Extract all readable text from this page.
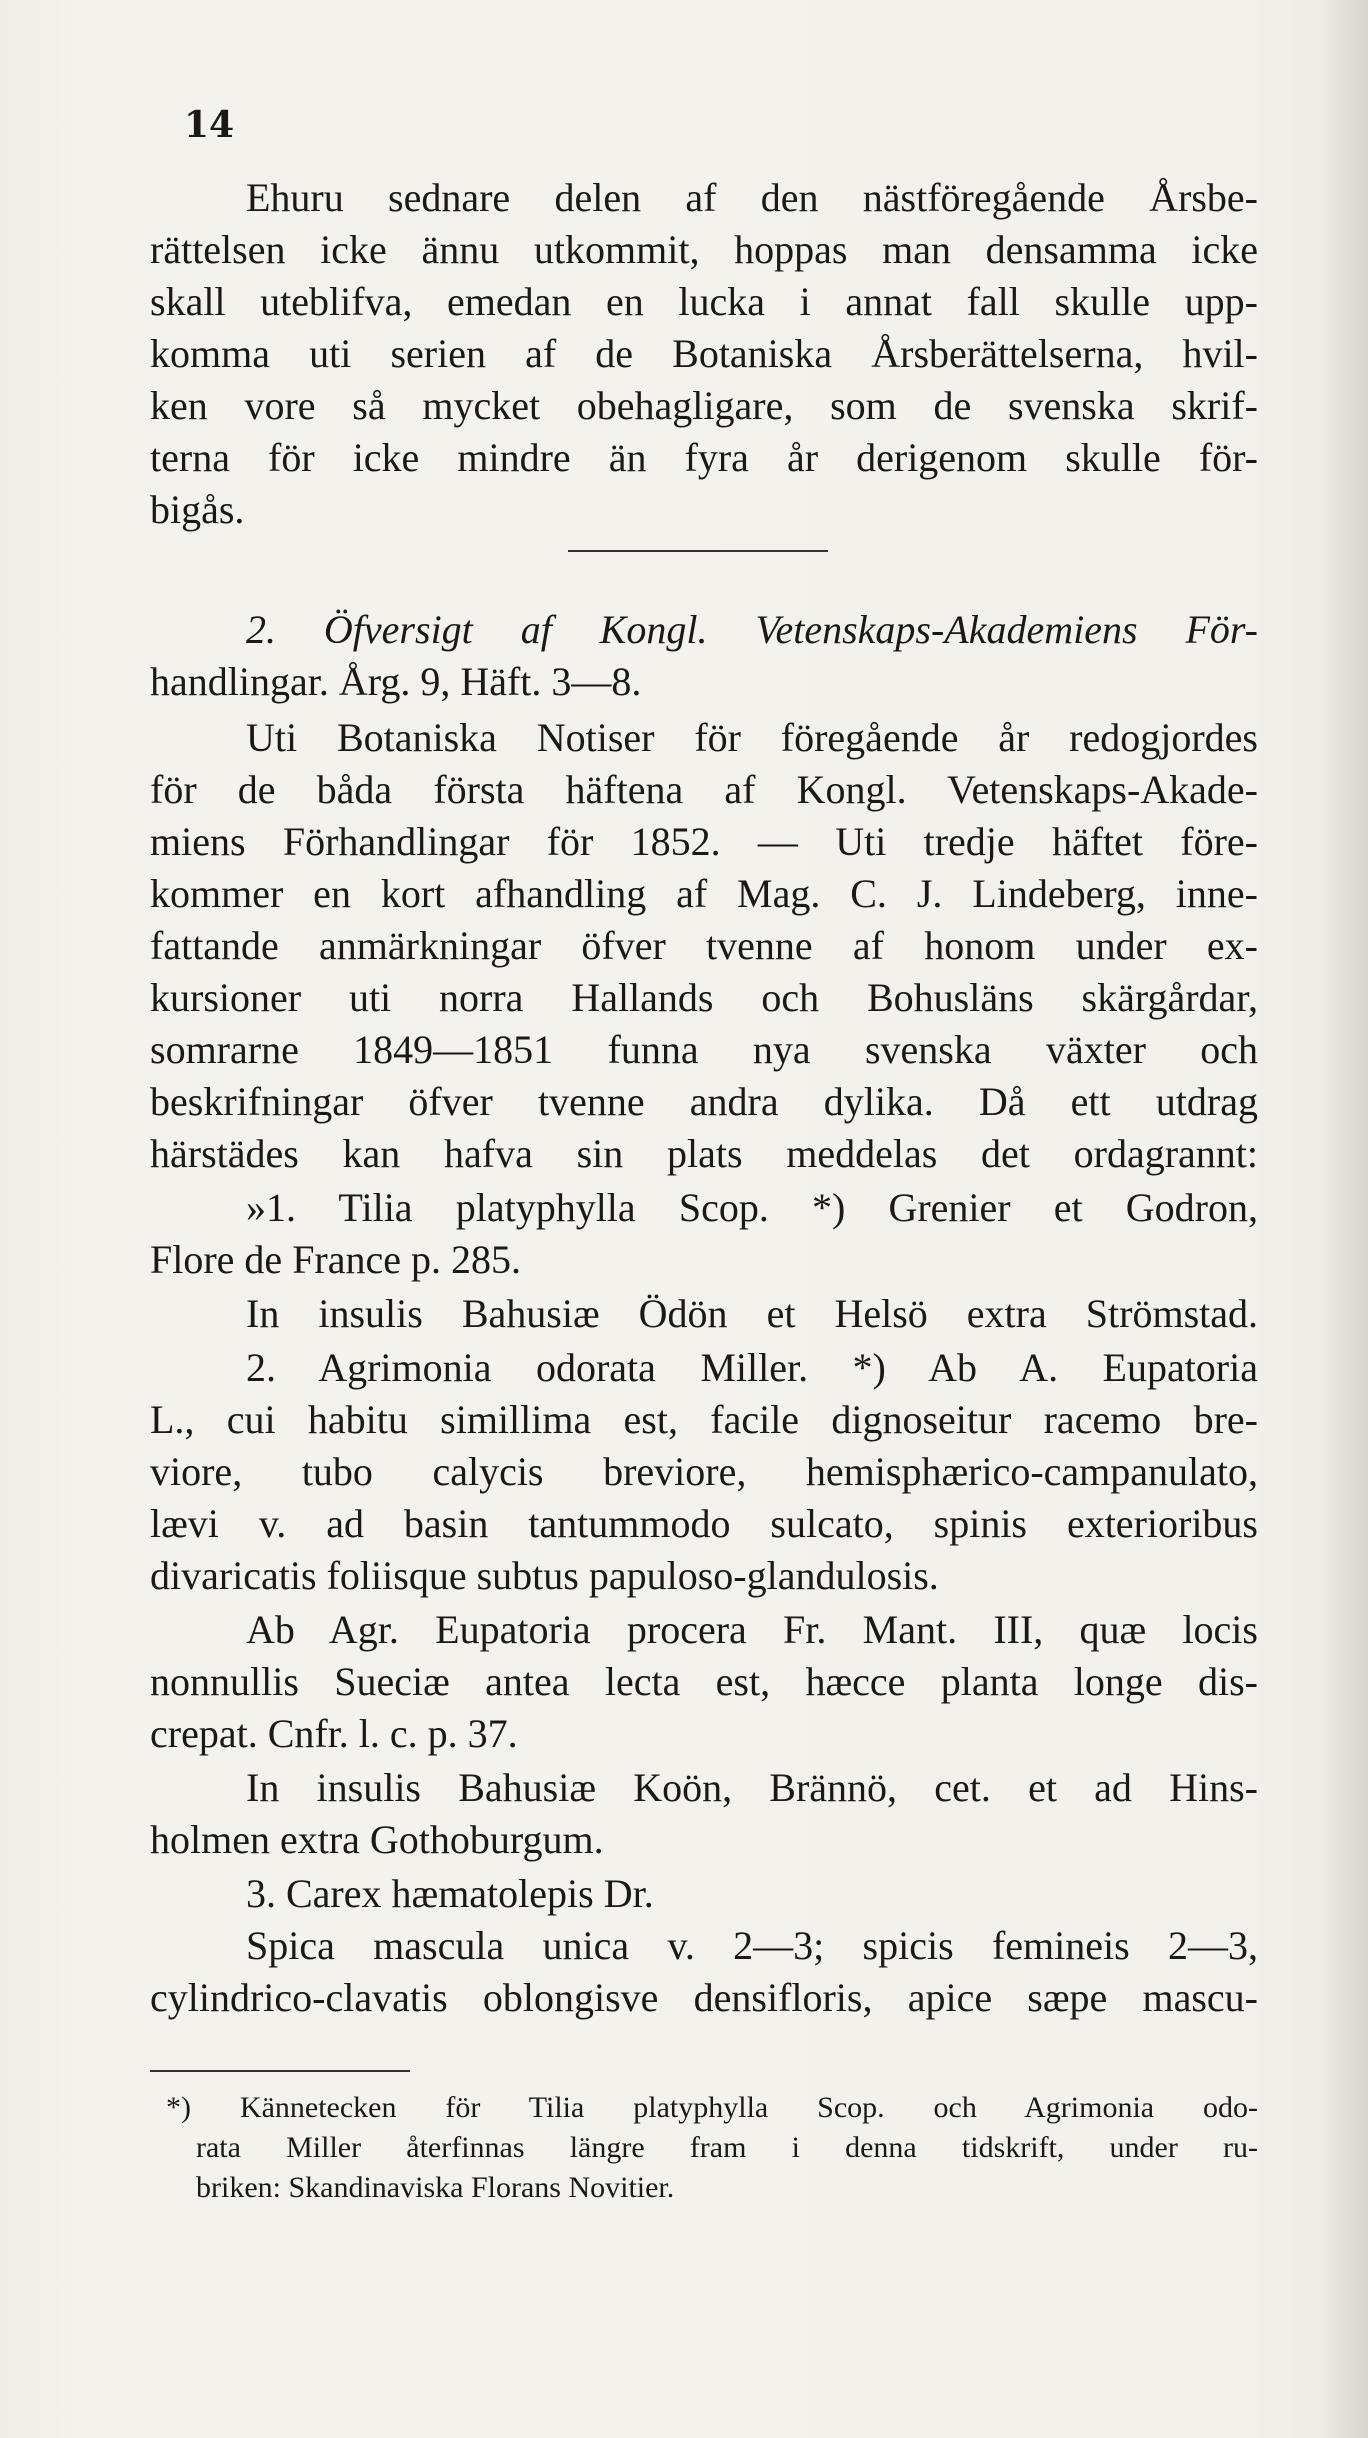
14
Ehuru sednare delen af den nästföregående Årsbe-
rättelsen icke ännu utkommit, hoppas man densamma icke
skall uteblifva, emedan en lucka i annat fall skulle upp-
komma uti serien af de Botaniska Årsberättelserna, hvil-
ken vore så mycket obehagligare, som de svenska skrif-
terna för icke mindre än fyra år derigenom skulle för-
bigås.
2. Öfversigt af Kongl. Vetenskaps-Akademiens För-
handlingar. Årg. 9, Häft. 3—8.
Uti Botaniska Notiser för föregående år redogjordes
för de båda första häftena af Kongl. Vetenskaps-Akade-
miens Förhandlingar för 1852. — Uti tredje häftet före-
kommer en kort afhandling af Mag. C. J. Lindeberg, inne-
fattande anmärkningar öfver tvenne af honom under ex-
kursioner uti norra Hallands och Bohusläns skärgårdar,
somrarne 1849—1851 funna nya svenska växter och
beskrifningar öfver tvenne andra dylika. Då ett utdrag
härstädes kan hafva sin plats meddelas det ordagrannt:
»1. Tilia platyphylla Scop. *) Grenier et Godron,
Flore de France p. 285.
In insulis Bahusiæ Ödön et Helsö extra Strömstad.
2. Agrimonia odorata Miller. *) Ab A. Eupatoria
L., cui habitu simillima est, facile dignoseitur racemo bre-
viore, tubo calycis breviore, hemisphærico-campanulato,
lævi v. ad basin tantummodo sulcato, spinis exterioribus
divaricatis foliisque subtus papuloso-glandulosis.
Ab Agr. Eupatoria procera Fr. Mant. III, quæ locis
nonnullis Sueciæ antea lecta est, hæcce planta longe dis-
crepat. Cnfr. l. c. p. 37.
In insulis Bahusiæ Koön, Brännö, cet. et ad Hins-
holmen extra Gothoburgum.
3. Carex hæmatolepis Dr.
Spica mascula unica v. 2—3; spicis femineis 2—3,
cylindrico-clavatis oblongisve densifloris, apice sæpe mascu-
*) Kännetecken för Tilia platyphylla Scop. och Agrimonia odo-
rata Miller återfinnas längre fram i denna tidskrift, under ru-
briken: Skandinaviska Florans Novitier.
